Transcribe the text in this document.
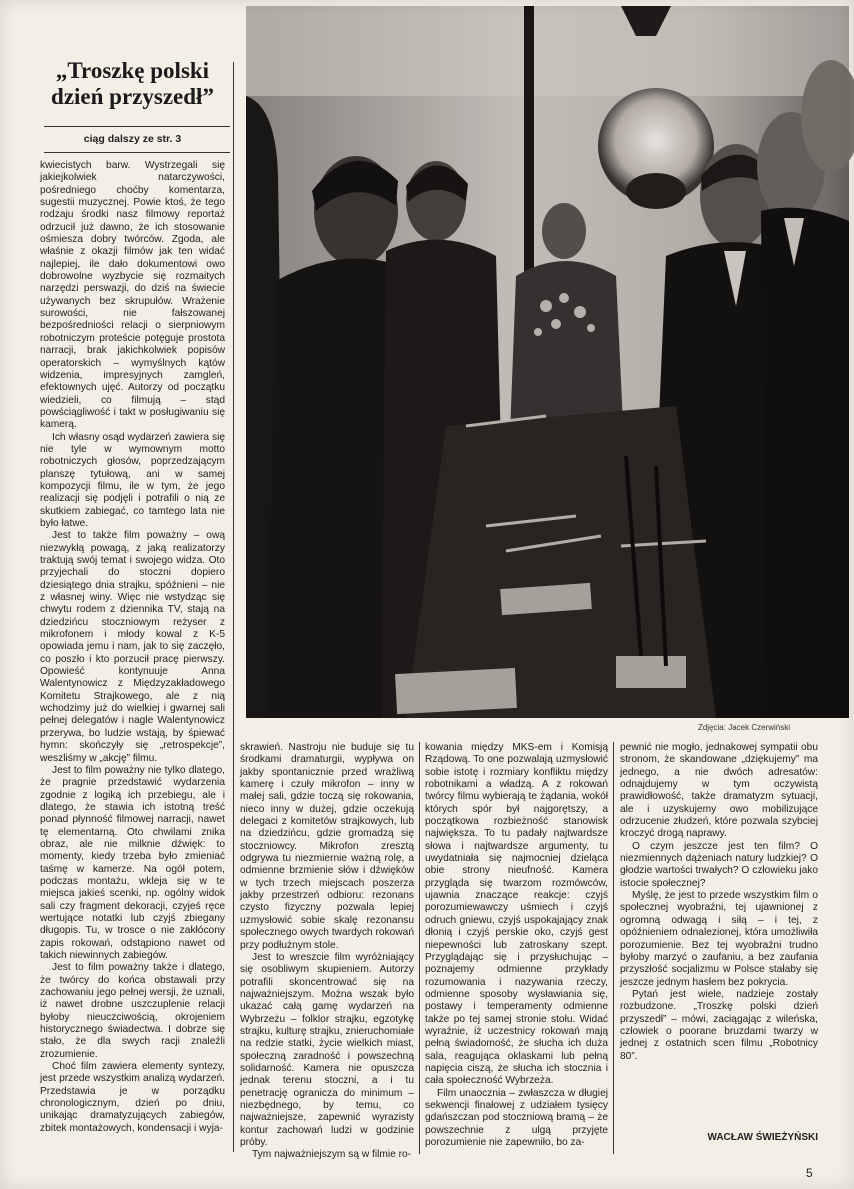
„Troszkę polski dzień przyszedł”
ciąg dalszy ze str. 3

kwiecistych barw. Wystrzegali się jakiejkolwiek natarczywości, pośredniego choćby komentarza, sugestii muzycznej. Powie ktoś, że tego rodzaju środki nasz filmowy reportaż odrzucił już dawno, że ich stosowanie ośmiesza dobry twórców. Zgoda, ale właśnie z okazji filmów jak ten widać najlepiej, ile dało dokumentowi owo dobrowolne wyzbycie się rozmaitych narzędzi perswazji, do dziś na świecie używanych bez skrupułów. Wrażenie surowości, nie fałszowanej bezpośredniości relacji o sierpniowym robotniczym proteście potęguje prostota narracji, brak jakichkolwiek popisów operatorskich – wymyślnych kątów widzenia, impresyjnych zamgleń, efektownych ujęć. Autorzy od początku wiedzieli, co filmują – stąd powściągliwość i takt w posługiwaniu się kamerą.

Ich własny osąd wydarzeń zawiera się nie tyle w wymownym motto robotniczych głosów, poprzedzającym planszę tytułową, ani w samej kompozycji filmu, ile w tym, że jego realizacji się podjęli i potrafili o nią ze skutkiem zabiegać, co tamtego lata nie było łatwe.

Jest to także film poważny – ową niezwykłą powagą, z jaką realizatorzy traktują swój temat i swojego widza. Oto przyjechali do stoczni dopiero dziesiątego dnia strajku, spóźnieni – nie z własnej winy. Więc nie wstydząc się chwytu rodem z dziennika TV, stają na dziedzińcu stoczniowym reżyser z mikrofonem i młody kowal z K-5 opowiada jemu i nam, jak to się zaczęło, co poszło i kto porzucił pracę pierwszy. Opowieść kontynuuje Anna Walentynowicz z Międzyzakładowego Komitetu Strajkowego, ale z nią wchodzimy już do wielkiej i gwarnej sali pełnej delegatów i nagle Walentynowicz przerywa, bo ludzie wstają, by śpiewać hymn: skończyły się „retrospekcje”, weszliśmy w „akcję” filmu.

Jest to film poważny nie tylko dlatego, że pragnie przedstawić wydarzenia zgodnie z logiką ich przebiegu, ale i dlatego, że stawia ich istotną treść ponad płynność filmowej narracji, nawet tę elementarną. Oto chwilami znika obraz, ale nie milknie dźwięk: to momenty, kiedy trzeba było zmieniać taśmę w kamerze. Na ogół potem, podczas montażu, wkleja się w te miejsca jakieś scenki, np. ogólny widok sali czy fragment dekoracji, czyjeś ręce wertujące notatki lub czyjś zbiegany długopis. Tu, w trosce o nie zakłócony zapis rokowań, odstąpiono nawet od takich niewinnych zabiegów.

Jest to film poważny także i dlatego, że twórcy do końca obstawali przy zachowaniu jego pełnej wersji, że uznali, iż nawet drobne uszczuplenie relacji byłoby nieuczciwością, okrojeniem historycznego świadectwa. I dobrze się stało, że dla swych racji znaleźli zrozumienie.

Choć film zawiera elementy syntezy, jest przede wszystkim analizą wydarzeń. Przedstawia je w porządku chronologicznym, dzień po dniu, unikając dramatyzujących zabiegów, zbitek montażowych, kondensacji i wyja-

Zdjęcia: Jacek Czerwiński

skrawień. Nastroju nie buduje się tu środkami dramaturgii, wypływa on jakby spontanicznie przed wrażliwą kamerę i czuły mikrofon – inny w małej sali, gdzie toczą się rokowania, nieco inny w dużej, gdzie oczekują delegaci z komitetów strajkowych, lub na dziedzińcu, gdzie gromadzą się stoczniowcy. Mikrofon zresztą odgrywa tu niezmiernie ważną rolę, a odmienne brzmienie słów i dźwięków w tych trzech miejscach poszerza jakby przestrzeń odbioru: rezonans czysto fizyczny pozwala lepiej uzmysłowić sobie skalę rezonansu społecznego owych twardych rokowań przy podłużnym stole.

Jest to wreszcie film wyróżniający się osobliwym skupieniem. Autorzy potrafili skoncentrować się na najważniejszym. Można wszak było ukazać całą gamę wydarzeń na Wybrzeżu – folklor strajku, egzotykę strajku, kulturę strajku, znieruchomiałe na redzie statki, życie wielkich miast, społeczną zaradność i powszechną solidarność. Kamera nie opuszcza jednak terenu stoczni, a i tu penetrację ogranicza do minimum – niezbędnego, by temu, co najważniejsze, zapewnić wyrazisty kontur zachowań ludzi w godzinie próby.

Tym najważniejszym są w filmie ro-

kowania między MKS-em i Komisją Rządową. To one pozwalają uzmysłowić sobie istotę i rozmiary konfliktu między robotnikami a władzą. A z rokowań twórcy filmu wybierają te żądania, wokół których spór był najgorętszy, a początkowa rozbieżność stanowisk największa. To tu padały najtwardsze słowa i najtwardsze argumenty, tu uwydatniała się najmocniej dzieląca obie strony nieufność. Kamera przygląda się twarzom rozmówców, ujawnia znaczące reakcje: czyjś porozumiewawczy uśmiech i czyjś odruch gniewu, czyjś uspokajający znak dłonią i czyjś perskie oko, czyjś gest niepewności lub zatroskany szept. Przyglądając się i przysłuchując – poznajemy odmienne przykłady rozumowania i nazywania rzeczy, odmienne sposoby wysławiania się, postawy i temperamenty odmienne także po tej samej stronie stołu. Widać wyraźnie, iż uczestnicy rokowań mają pełną świadomość, że słucha ich duża sala, reagująca oklaskami lub pełną napięcia ciszą, że słucha ich stocznia i cała społeczność Wybrzeża.

Film unaocznia – zwłaszcza w długiej sekwencji finałowej z udziałem tysięcy gdańszczan pod stoczniową bramą – że powszechnie z ulgą przyjęte porozumienie nie zapewniło, bo za-

pewnić nie mogło, jednakowej sympatii obu stronom, że skandowane „dziękujemy” ma jednego, a nie dwóch adresatów: odnajdujemy w tym oczywistą prawidłowość, także dramatyzm sytuacji, ale i uzyskujemy owo mobilizujące odrzucenie złudzeń, które pozwala szybciej kroczyć drogą naprawy.

O czym jeszcze jest ten film? O niezmiennych dążeniach natury ludzkiej? O głodzie wartości trwałych? O człowieku jako istocie społecznej?

Myślę, że jest to przede wszystkim film o społecznej wyobraźni, tej ujawnionej z ogromną odwagą i siłą – i tej, z opóźnieniem odnalezionej, która umożliwiła porozumienie. Bez tej wyobraźni trudno byłoby marzyć o zaufaniu, a bez zaufania przyszłość socjalizmu w Polsce stałaby się jeszcze jednym hasłem bez pokrycia.

Pytań jest wiele, nadzieje zostały rozbudzone. „Troszkę polski dzień przyszedł” – mówi, zaciągając z wileńska, człowiek o poorane bruzdami twarzy w jednej z ostatnich scen filmu „Robotnicy 80”.

WACŁAW ŚWIEŻYŃSKI
5
